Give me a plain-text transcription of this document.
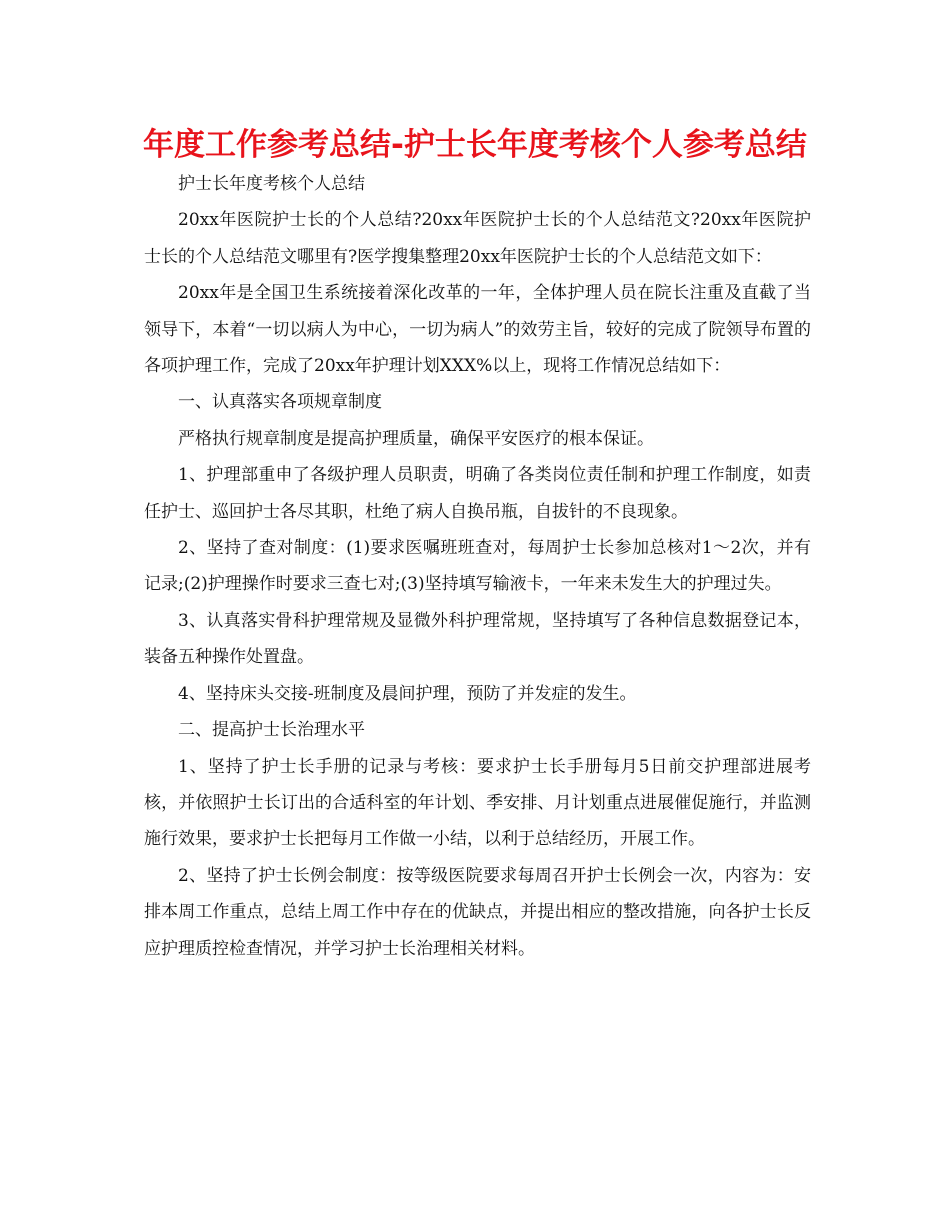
年度工作参考总结-护士长年度考核个人参考总结

护士长年度考核个人总结

20xx年医院护士长的个人总结?20xx年医院护士长的个人总结范文?20xx年医院护士长的个人总结范文哪里有?医学搜集整理20xx年医院护士长的个人总结范文如下：

20xx年是全国卫生系统接着深化改革的一年，全体护理人员在院长注重及直截了当领导下，本着“一切以病人为中心，一切为病人”的效劳主旨，较好的完成了院领导布置的各项护理工作，完成了20xx年护理计划XXX%以上，现将工作情况总结如下：

一、认真落实各项规章制度

严格执行规章制度是提高护理质量，确保平安医疗的根本保证。

1、护理部重申了各级护理人员职责，明确了各类岗位责任制和护理工作制度，如责任护士、巡回护士各尽其职，杜绝了病人自换吊瓶，自拔针的不良现象。

2、坚持了查对制度：(1)要求医嘱班班查对，每周护士长参加总核对1～2次，并有记录;(2)护理操作时要求三查七对;(3)坚持填写输液卡，一年来未发生大的护理过失。

3、认真落实骨科护理常规及显微外科护理常规，坚持填写了各种信息数据登记本，装备五种操作处置盘。

4、坚持床头交接-班制度及晨间护理，预防了并发症的发生。

二、提高护士长治理水平

1、坚持了护士长手册的记录与考核：要求护士长手册每月5日前交护理部进展考核，并依照护士长订出的合适科室的年计划、季安排、月计划重点进展催促施行，并监测施行效果，要求护士长把每月工作做一小结，以利于总结经历，开展工作。

2、坚持了护士长例会制度：按等级医院要求每周召开护士长例会一次，内容为：安排本周工作重点，总结上周工作中存在的优缺点，并提出相应的整改措施，向各护士长反应护理质控检查情况，并学习护士长治理相关材料。
